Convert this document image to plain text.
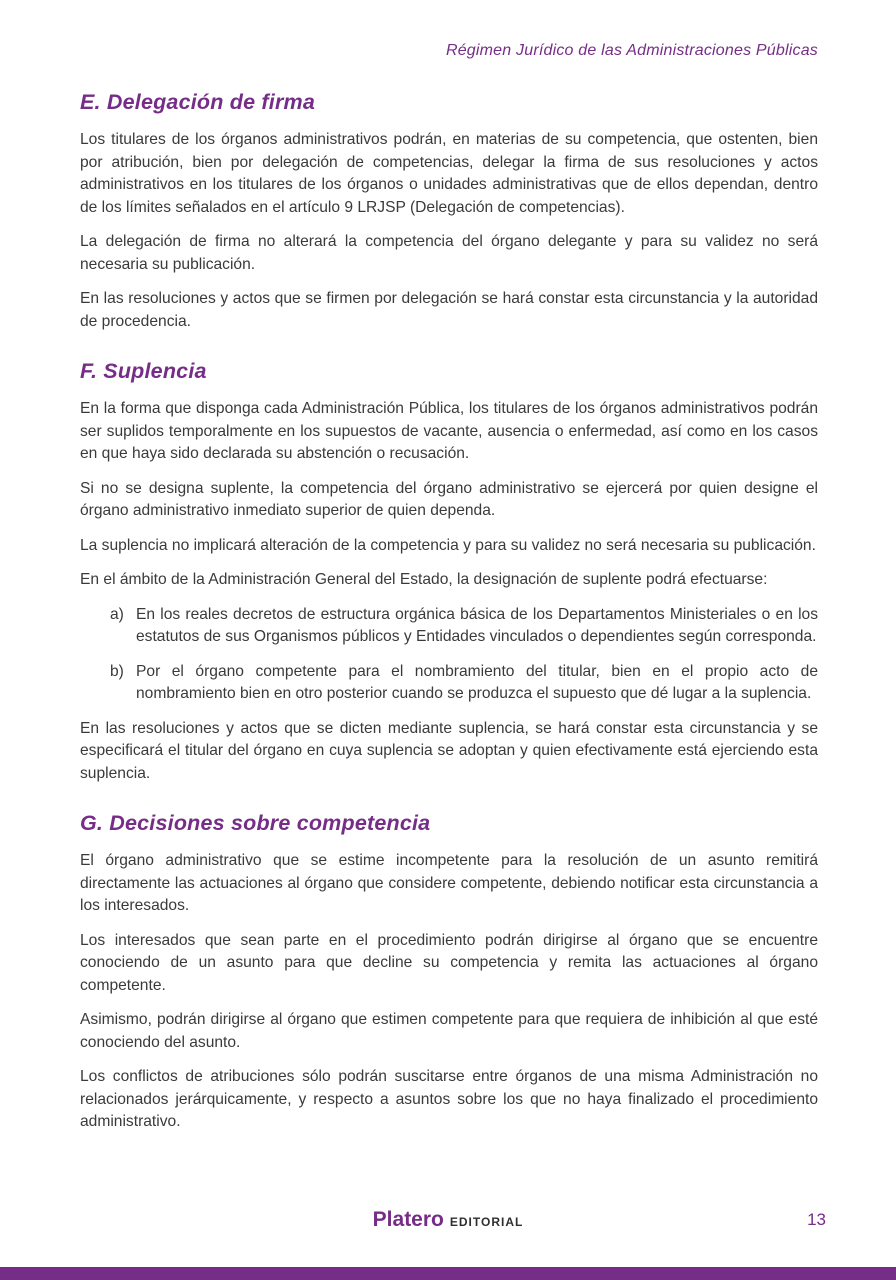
Régimen Jurídico de las Administraciones Públicas
E. Delegación de firma

Los titulares de los órganos administrativos podrán, en materias de su competencia, que ostenten, bien por atribución, bien por delegación de competencias, delegar la firma de sus resoluciones y actos administrativos en los titulares de los órganos o unidades administrativas que de ellos dependan, dentro de los límites señalados en el artículo 9 LRJSP (Delegación de competencias).

La delegación de firma no alterará la competencia del órgano delegante y para su validez no será necesaria su publicación.

En las resoluciones y actos que se firmen por delegación se hará constar esta circunstancia y la autoridad de procedencia.

F. Suplencia

En la forma que disponga cada Administración Pública, los titulares de los órganos administrativos podrán ser suplidos temporalmente en los supuestos de vacante, ausencia o enfermedad, así como en los casos en que haya sido declarada su abstención o recusación.

Si no se designa suplente, la competencia del órgano administrativo se ejercerá por quien designe el órgano administrativo inmediato superior de quien dependa.

La suplencia no implicará alteración de la competencia y para su validez no será necesaria su publicación.

En el ámbito de la Administración General del Estado, la designación de suplente podrá efectuarse:

a) En los reales decretos de estructura orgánica básica de los Departamentos Ministeriales o en los estatutos de sus Organismos públicos y Entidades vinculados o dependientes según corresponda.
b) Por el órgano competente para el nombramiento del titular, bien en el propio acto de nombramiento bien en otro posterior cuando se produzca el supuesto que dé lugar a la suplencia.

En las resoluciones y actos que se dicten mediante suplencia, se hará constar esta circunstancia y se especificará el titular del órgano en cuya suplencia se adoptan y quien efectivamente está ejerciendo esta suplencia.

G. Decisiones sobre competencia

El órgano administrativo que se estime incompetente para la resolución de un asunto remitirá directamente las actuaciones al órgano que considere competente, debiendo notificar esta circunstancia a los interesados.

Los interesados que sean parte en el procedimiento podrán dirigirse al órgano que se encuentre conociendo de un asunto para que decline su competencia y remita las actuaciones al órgano competente.

Asimismo, podrán dirigirse al órgano que estimen competente para que requiera de inhibición al que esté conociendo del asunto.

Los conflictos de atribuciones sólo podrán suscitarse entre órganos de una misma Administración no relacionados jerárquicamente, y respecto a asuntos sobre los que no haya finalizado el procedimiento administrativo.

Platero EDITORIAL	13
